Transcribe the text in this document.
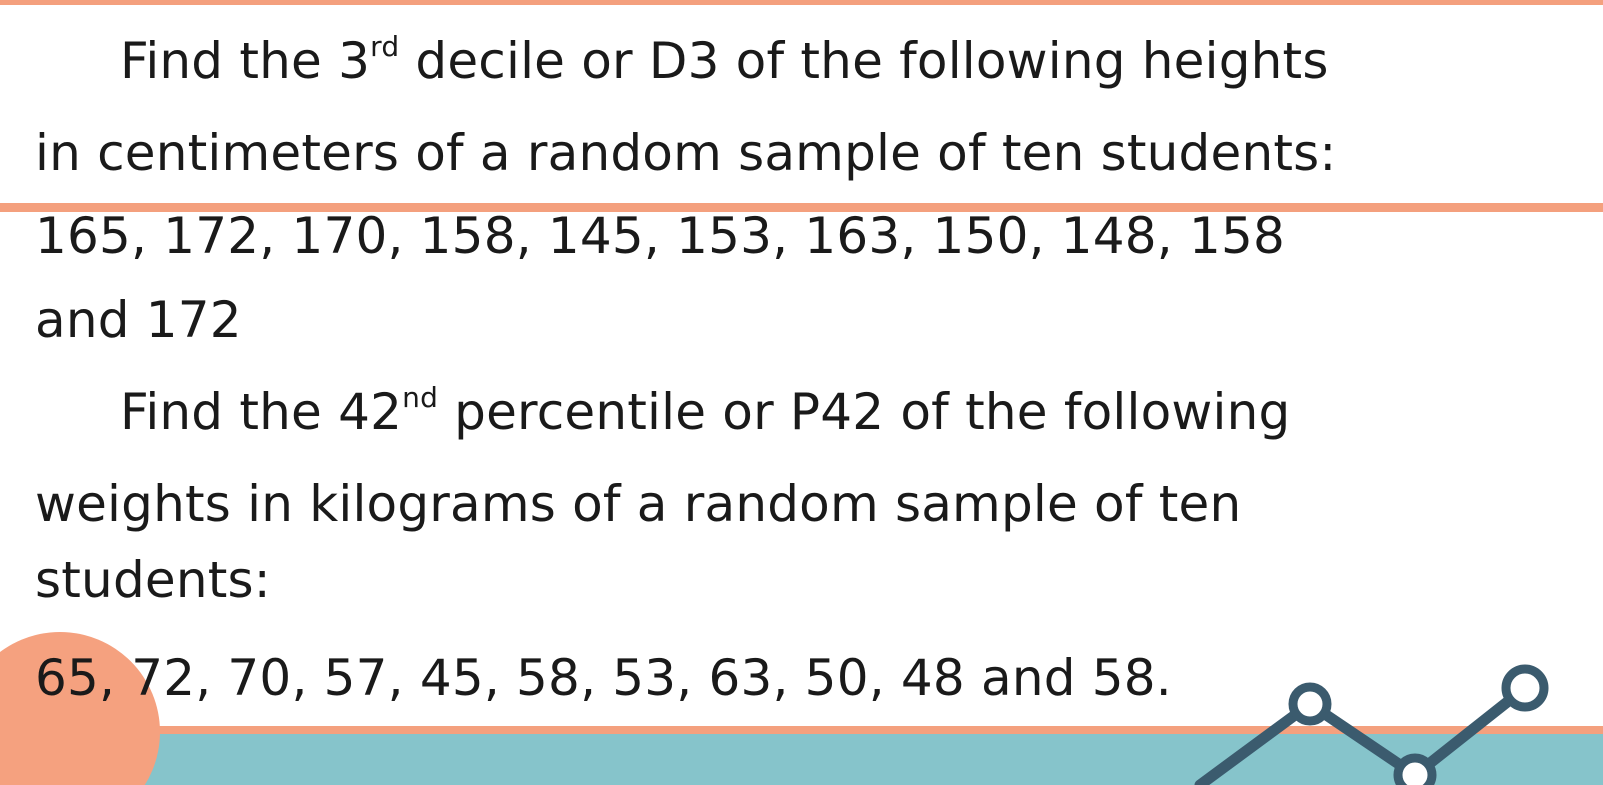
Find the 3rd decile or D3 of the following heights

in centimeters of a random sample of ten students:

165, 172, 170, 158, 145, 153, 163, 150, 148, 158

and 172

Find the 42nd percentile or P42 of the following

weights in kilograms of a random sample of ten

students:

65, 72, 70, 57, 45, 58, 53, 63, 50, 48 and 58.
